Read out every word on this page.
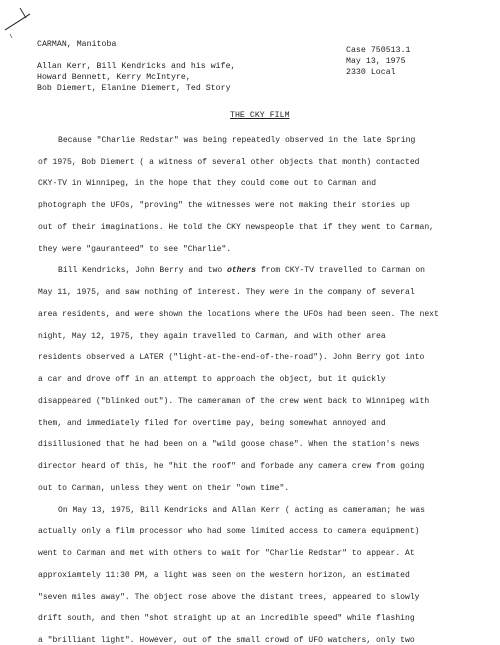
CARMAN, Manitoba
Allan Kerr, Bill Kendricks and his wife,
Howard Bennett, Kerry McIntyre,
Bob Diemert, Elanine Diemert, Ted Story
Case 750513.1
May 13, 1975
2330 Local
THE CKY FILM
Because "Charlie Redstar" was being repeatedly observed in the late Spring
of 1975, Bob Diemert ( a witness of several other objects that month) contacted
CKY-TV in Winnipeg, in the hope that they could come out to Carman and
photograph the UFOs, "proving" the witnesses were not making their stories up
out of their imaginations. He told the CKY newspeople that if they went to Carman,
they were "gauranteed" to see "Charlie".
Bill Kendricks, John Berry and two others from CKY-TV travelled to Carman on
May 11, 1975, and saw nothing of interest. They were in the company of several
area residents, and were shown the locations where the UFOs had been seen. The next
night, May 12, 1975, they again travelled to Carman, and with other area
residents observed a LATER ("light-at-the-end-of-the-road"). John Berry got into
a car and drove off in an attempt to approach the object, but it quickly
disappeared ("blinked out"). The cameraman of the crew went back to Winnipeg with
them, and immediately filed for overtime pay, being somewhat annoyed and
disillusioned that he had been on a "wild goose chase". When the station's news
director heard of this, he "hit the roof" and forbade any camera crew from going
out to Carman, unless they went on their "own time".
On May 13, 1975, Bill Kendricks and Allan Kerr ( acting as cameraman; he was
actually only a film processor who had some limited access to camera equipment)
went to Carman and met with others to wait for "Charlie Redstar" to appear. At
approxiamtely 11:30 PM, a light was seen on the western horizon, an estimated
"seven miles away". The object rose above the distant trees, appeared to slowly
drift south, and then "shot straight up at an incredible speed" while flashing
a "brilliant light". However, out of the small crowd of UFO watchers, only two
